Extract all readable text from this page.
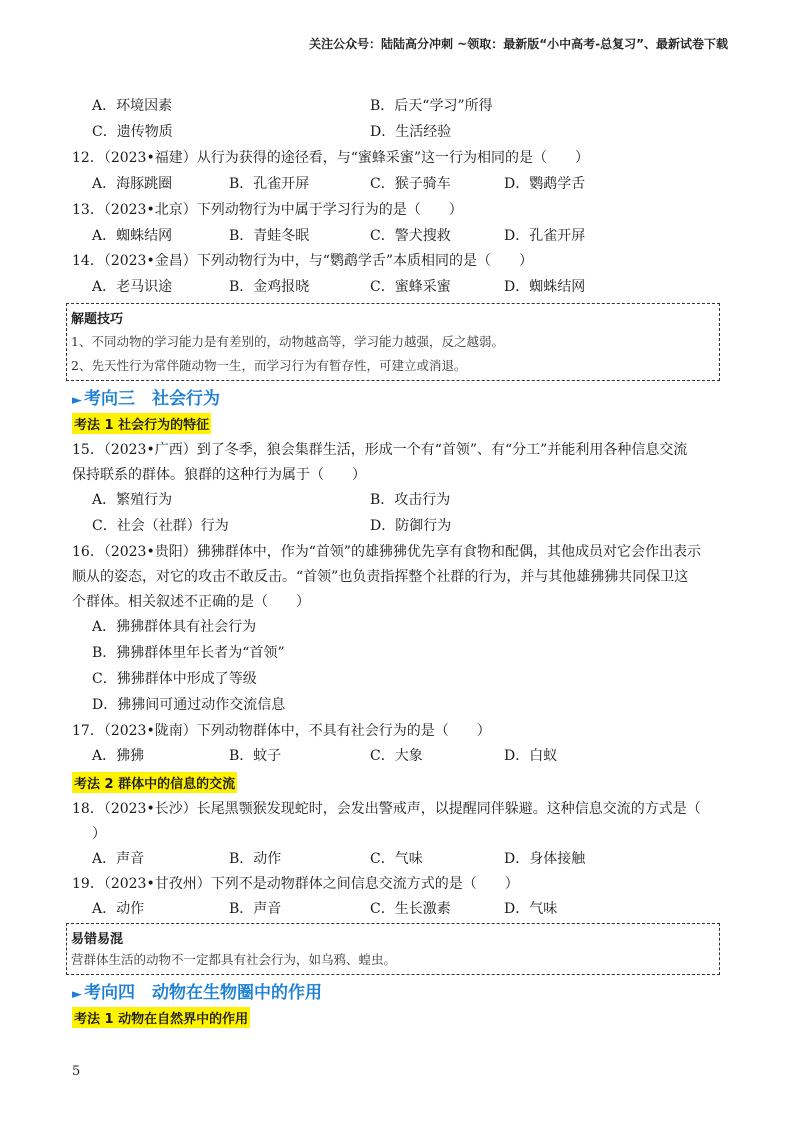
关注公众号：陆陆高分冲刺 ~领取：最新版“小中高考-总复习”、最新试卷下载
A．环境因素	B．后天“学习”所得
C．遗传物质	D．生活经验
12．（2023•福建）从行为获得的途径看，与“蜜蜂采蜜”这一行为相同的是（　　）
A．海豚跳圈	B．孔雀开屏	C．猴子骑车	D．鹦鹉学舌
13．（2023•北京）下列动物行为中属于学习行为的是（　　）
A．蜘蛛结网	B．青蛙冬眠	C．警犬搜救	D．孔雀开屏
14．（2023•金昌）下列动物行为中，与“鹦鹉学舌”本质相同的是（　　）
A．老马识途	B．金鸡报晓	C．蜜蜂采蜜	D．蜘蛛结网
解题技巧
1、不同动物的学习能力是有差别的，动物越高等，学习能力越强，反之越弱。
2、先天性行为常伴随动物一生，而学习行为有暂存性，可建立或消退。
► 考向三　社会行为
考法 1 社会行为的特征
15．（2023•广西）到了冬季，狼会集群生活，形成一个有“首领”、有“分工”并能利用各种信息交流
保持联系的群体。狼群的这种行为属于（　　）
A．繁殖行为	B．攻击行为
C．社会（社群）行为	D．防御行为
16．（2023•贵阳）狒狒群体中，作为“首领”的雄狒狒优先享有食物和配偶，其他成员对它会作出表示
顺从的姿态，对它的攻击不敢反击。“首领”也负责指挥整个社群的行为，并与其他雄狒狒共同保卫这
个群体。相关叙述不正确的是（　　）
A．狒狒群体具有社会行为
B．狒狒群体里年长者为“首领”
C．狒狒群体中形成了等级
D．狒狒间可通过动作交流信息
17．（2023•陇南）下列动物群体中，不具有社会行为的是（　　）
A．狒狒	B．蚊子	C．大象	D．白蚁
考法 2 群体中的信息的交流
18．（2023•长沙）长尾黑颚猴发现蛇时，会发出警戒声，以提醒同伴躲避。这种信息交流的方式是（
）
A．声音	B．动作	C．气味	D．身体接触
19．（2023•甘孜州）下列不是动物群体之间信息交流方式的是（　　）
A．动作	B．声音	C．生长激素	D．气味
易错易混
营群体生活的动物不一定都具有社会行为，如乌鸦、蝗虫。
► 考向四　动物在生物圈中的作用
考法 1 动物在自然界中的作用
5
